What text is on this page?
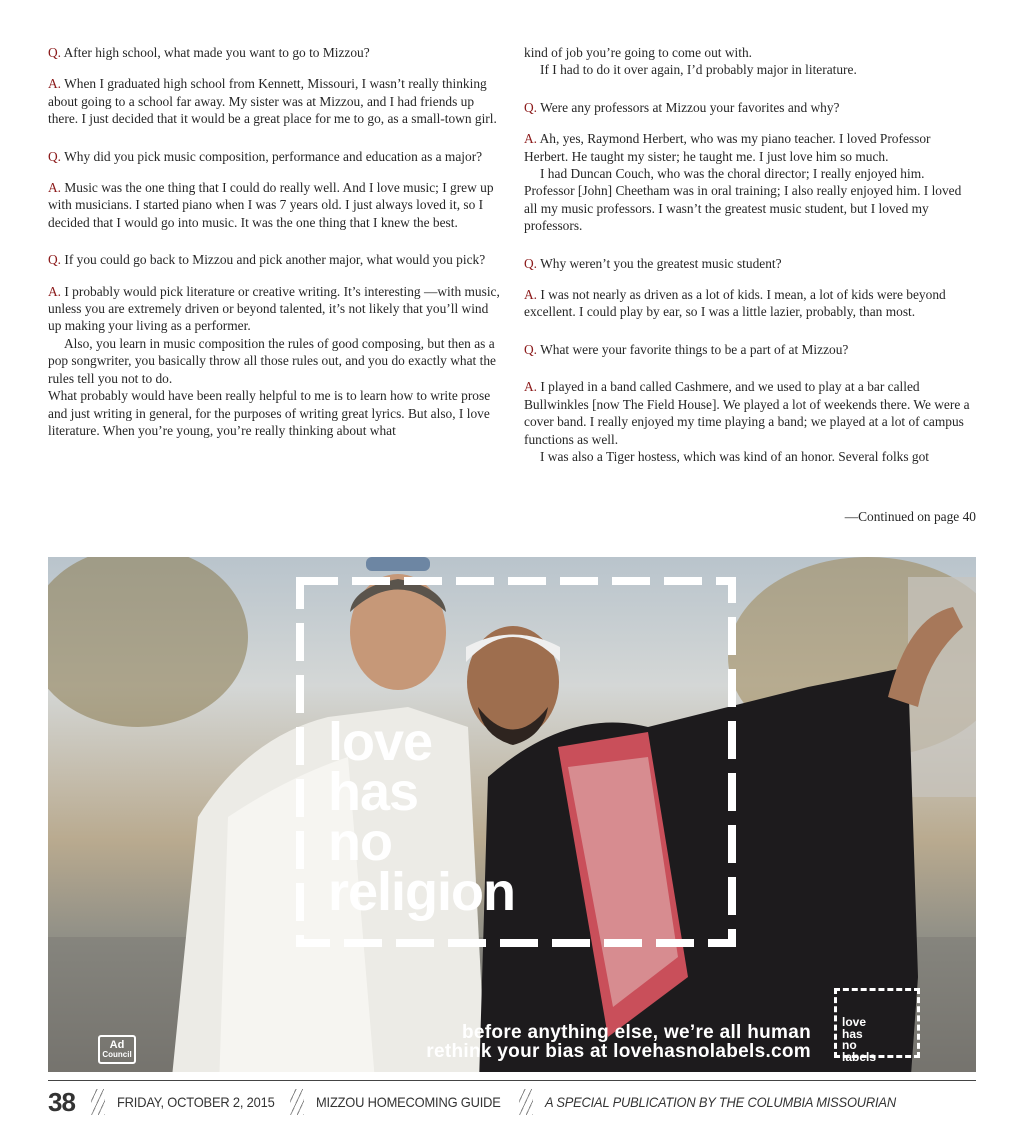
Q. After high school, what made you want to go to Mizzou?

A. When I graduated high school from Kennett, Missouri, I wasn’t really thinking about going to a school far away. My sister was at Mizzou, and I had friends up there. I just decided that it would be a great place for me to go, as a small-town girl.

Q. Why did you pick music composition, performance and education as a major?

A. Music was the one thing that I could do really well. And I love music; I grew up with musicians. I started piano when I was 7 years old. I just always loved it, so I decided that I would go into music. It was the one thing that I knew the best.

Q. If you could go back to Mizzou and pick another major, what would you pick?

A. I probably would pick literature or creative writing. It’s interesting —with music, unless you are extremely driven or beyond talented, it’s not likely that you’ll wind up making your living as a performer.

Also, you learn in music composition the rules of good composing, but then as a pop songwriter, you basically throw all those rules out, and you do exactly what the rules tell you not to do.

What probably would have been really helpful to me is to learn how to write prose and just writing in general, for the purposes of writing great lyrics. But also, I love literature. When you’re young, you’re really thinking about what

kind of job you’re going to come out with.

If I had to do it over again, I’d probably major in literature.

Q. Were any professors at Mizzou your favorites and why?

A. Ah, yes, Raymond Herbert, who was my piano teacher. I loved Professor Herbert. He taught my sister; he taught me. I just love him so much.

I had Duncan Couch, who was the choral director; I really enjoyed him. Professor [John] Cheetham was in oral training; I also really enjoyed him. I loved all my music professors. I wasn’t the greatest music student, but I loved my professors.

Q. Why weren’t you the greatest music student?

A. I was not nearly as driven as a lot of kids. I mean, a lot of kids were beyond excellent. I could play by ear, so I was a little lazier, probably, than most.

Q. What were your favorite things to be a part of at Mizzou?

A. I played in a band called Cashmere, and we used to play at a bar called Bullwinkles [now The Field House]. We played a lot of weekends there. We were a cover band. I really enjoyed my time playing a band; we played at a lot of campus functions as well.

I was also a Tiger hostess, which was kind of an honor. Several folks got

—Continued on page 40
love
has
no
religion
before anything else, we’re all human
rethink your bias at lovehasnolabels.com
love
has
no
labels
Ad
Council
38	FRIDAY, OCTOBER 2, 2015	MIZZOU HOMECOMING GUIDE	A SPECIAL PUBLICATION BY THE COLUMBIA MISSOURIAN
